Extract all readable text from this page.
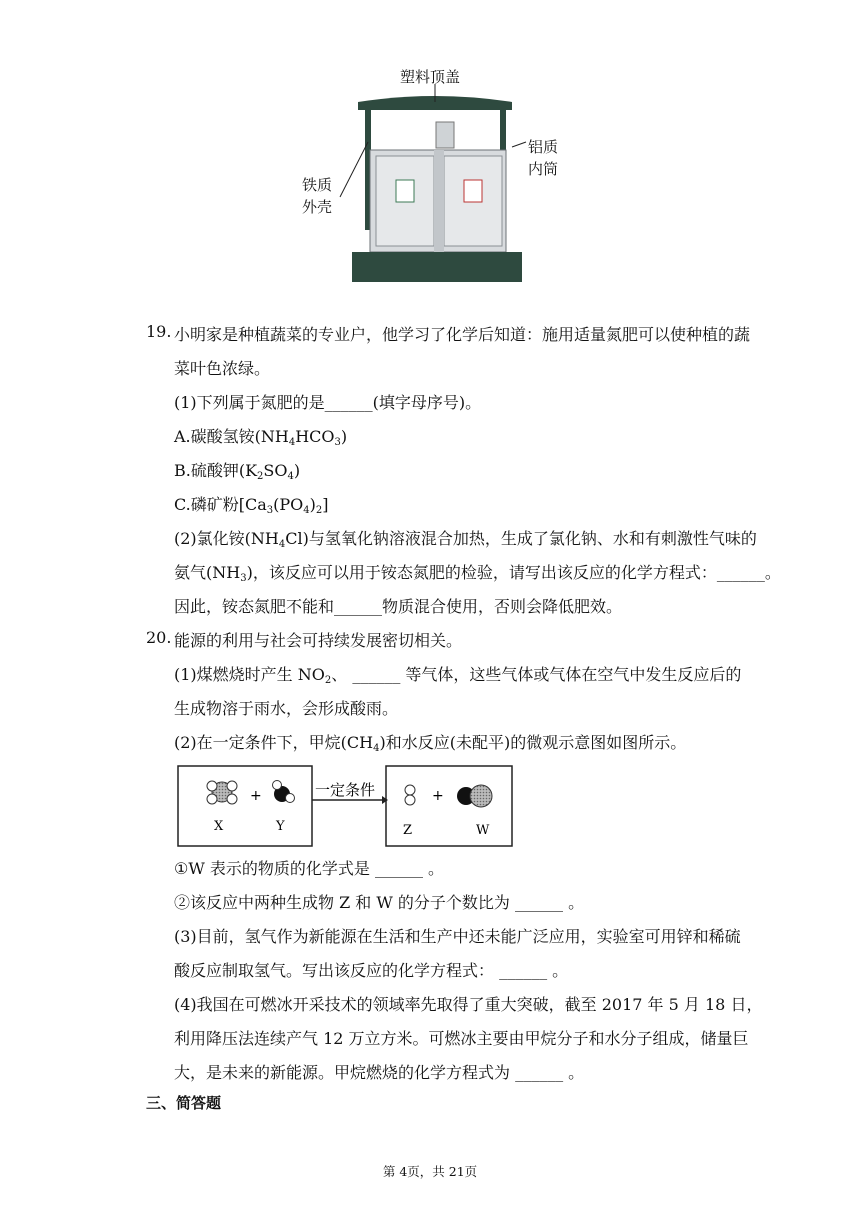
塑料顶盖
铝质
内筒
铁质
外壳
19. 小明家是种植蔬菜的专业户，他学习了化学后知道：施用适量氮肥可以使种植的蔬
菜叶色浓绿。
(1)下列属于氮肥的是______(填字母序号)。
A.碳酸氢铵$(NH_4HCO_3)$
B.硫酸钾$(K_2SO_4)$
C.磷矿粉$[Ca_3(PO_4)_2]$
(2)氯化铵$(NH_4Cl)$与氢氧化钠溶液混合加热，生成了氯化钠、水和有刺激性气味的
氨气$(NH_3)$，该反应可以用于铵态氮肥的检验，请写出该反应的化学方程式：______。
因此，铵态氮肥不能和______物质混合使用，否则会降低肥效。
20. 能源的利用与社会可持续发展密切相关。
(1)煤燃烧时产生 $NO_2$、 ______ 等气体，这些气体或气体在空气中发生反应后的
生成物溶于雨水，会形成酸雨。
(2)在一定条件下，甲烷$(CH_4)$和水反应(未配平)的微观示意图如图所示。
+	+
一定条件
X	Y	Z	W
①W 表示的物质的化学式是 ______ 。
②该反应中两种生成物 Z 和 W 的分子个数比为 ______ 。
(3)目前，氢气作为新能源在生活和生产中还未能广泛应用，实验室可用锌和稀硫
酸反应制取氢气。写出该反应的化学方程式： ______ 。
(4)我国在可燃冰开采技术的领域率先取得了重大突破，截至 2017 年 5 月 18 日，
利用降压法连续产气 12 万立方米。可燃冰主要由甲烷分子和水分子组成，储量巨
大，是未来的新能源。甲烷燃烧的化学方程式为 ______ 。
三、简答题
第 4页，共 21页
